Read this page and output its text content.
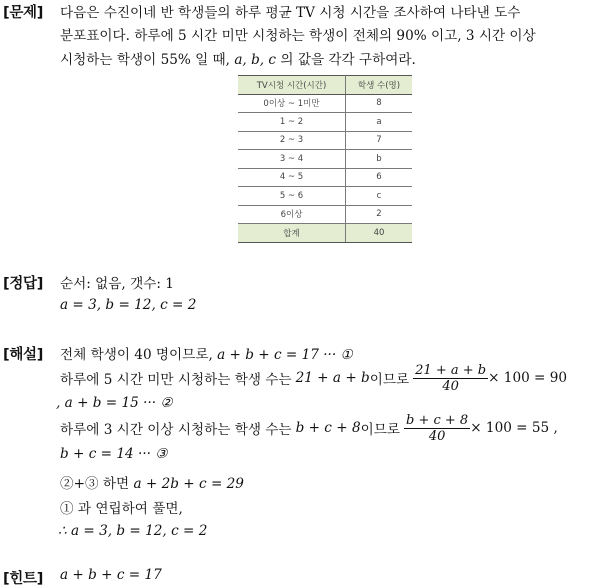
[문제] 다음은 수진이네 반 학생들의 하루 평균 TV 시청 시간을 조사하여 나타낸 도수
분포표이다. 하루에 5 시간 미만 시청하는 학생이 전체의 90% 이고, 3 시간 이상
시청하는 학생이 55% 일 때, a, b, c 의 값을 각각 구하여라.
TV시청 시간(시간)	학생 수(명)
0이상 ~ 1미만	8
1 ~ 2	a
2 ~ 3	7
3 ~ 4	b
4 ~ 5	6
5 ~ 6	c
6이상	2
합계	40
[정답] 순서: 없음, 갯수: 1
a = 3, b = 12, c = 2
[해설] 전체 학생이 40 명이므로, a + b + c = 17 ··· ①
하루에 5 시간 미만 시청하는 학생 수는 21 + a + b 이므로 $\frac{21 + a + b}{40} \times 100 = 90$
, a + b = 15 ··· ②
하루에 3 시간 이상 시청하는 학생 수는 b + c + 8 이므로 $\frac{b + c + 8}{40} \times 100 = 55$ ,
b + c = 14 ··· ③
②+③ 하면 a + 2b + c = 29
① 과 연립하여 풀면,
∴ a = 3, b = 12, c = 2
[힌트] a + b + c = 17
